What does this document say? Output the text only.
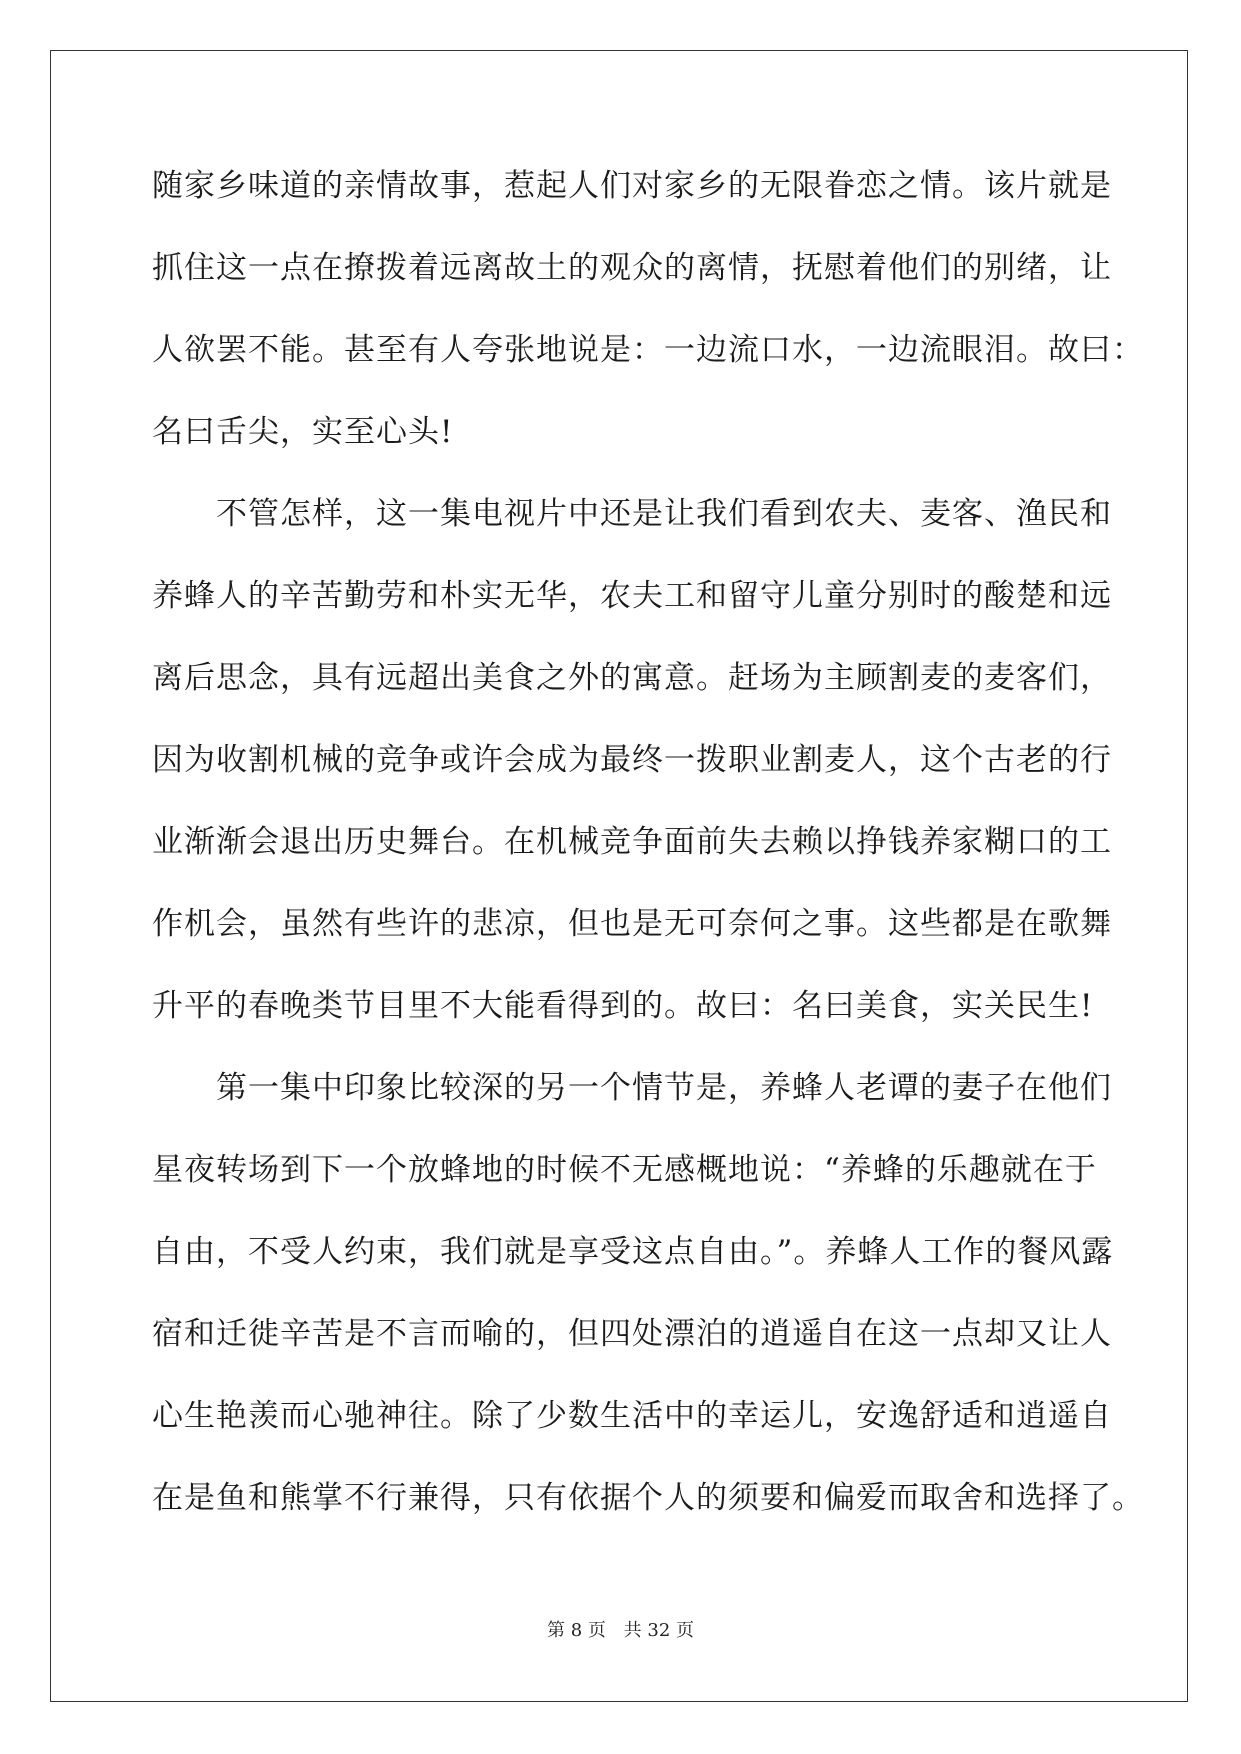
随家乡味道的亲情故事，惹起人们对家乡的无限眷恋之情。该片就是
抓住这一点在撩拨着远离故土的观众的离情，抚慰着他们的别绪，让
人欲罢不能。甚至有人夸张地说是：一边流口水，一边流眼泪。故曰：
名曰舌尖，实至心头!
不管怎样，这一集电视片中还是让我们看到农夫、麦客、渔民和
养蜂人的辛苦勤劳和朴实无华，农夫工和留守儿童分别时的酸楚和远
离后思念，具有远超出美食之外的寓意。赶场为主顾割麦的麦客们，
因为收割机械的竞争或许会成为最终一拨职业割麦人，这个古老的行
业渐渐会退出历史舞台。在机械竞争面前失去赖以挣钱养家糊口的工
作机会，虽然有些许的悲凉，但也是无可奈何之事。这些都是在歌舞
升平的春晚类节目里不大能看得到的。故曰：名曰美食，实关民生!
第一集中印象比较深的另一个情节是，养蜂人老谭的妻子在他们
星夜转场到下一个放蜂地的时候不无感概地说：“养蜂的乐趣就在于
自由，不受人约束，我们就是享受这点自由。”。养蜂人工作的餐风露
宿和迁徙辛苦是不言而喻的，但四处漂泊的逍遥自在这一点却又让人
心生艳羡而心驰神往。除了少数生活中的幸运儿，安逸舒适和逍遥自
在是鱼和熊掌不行兼得，只有依据个人的须要和偏爱而取舍和选择了。
第 8 页 共 32 页
